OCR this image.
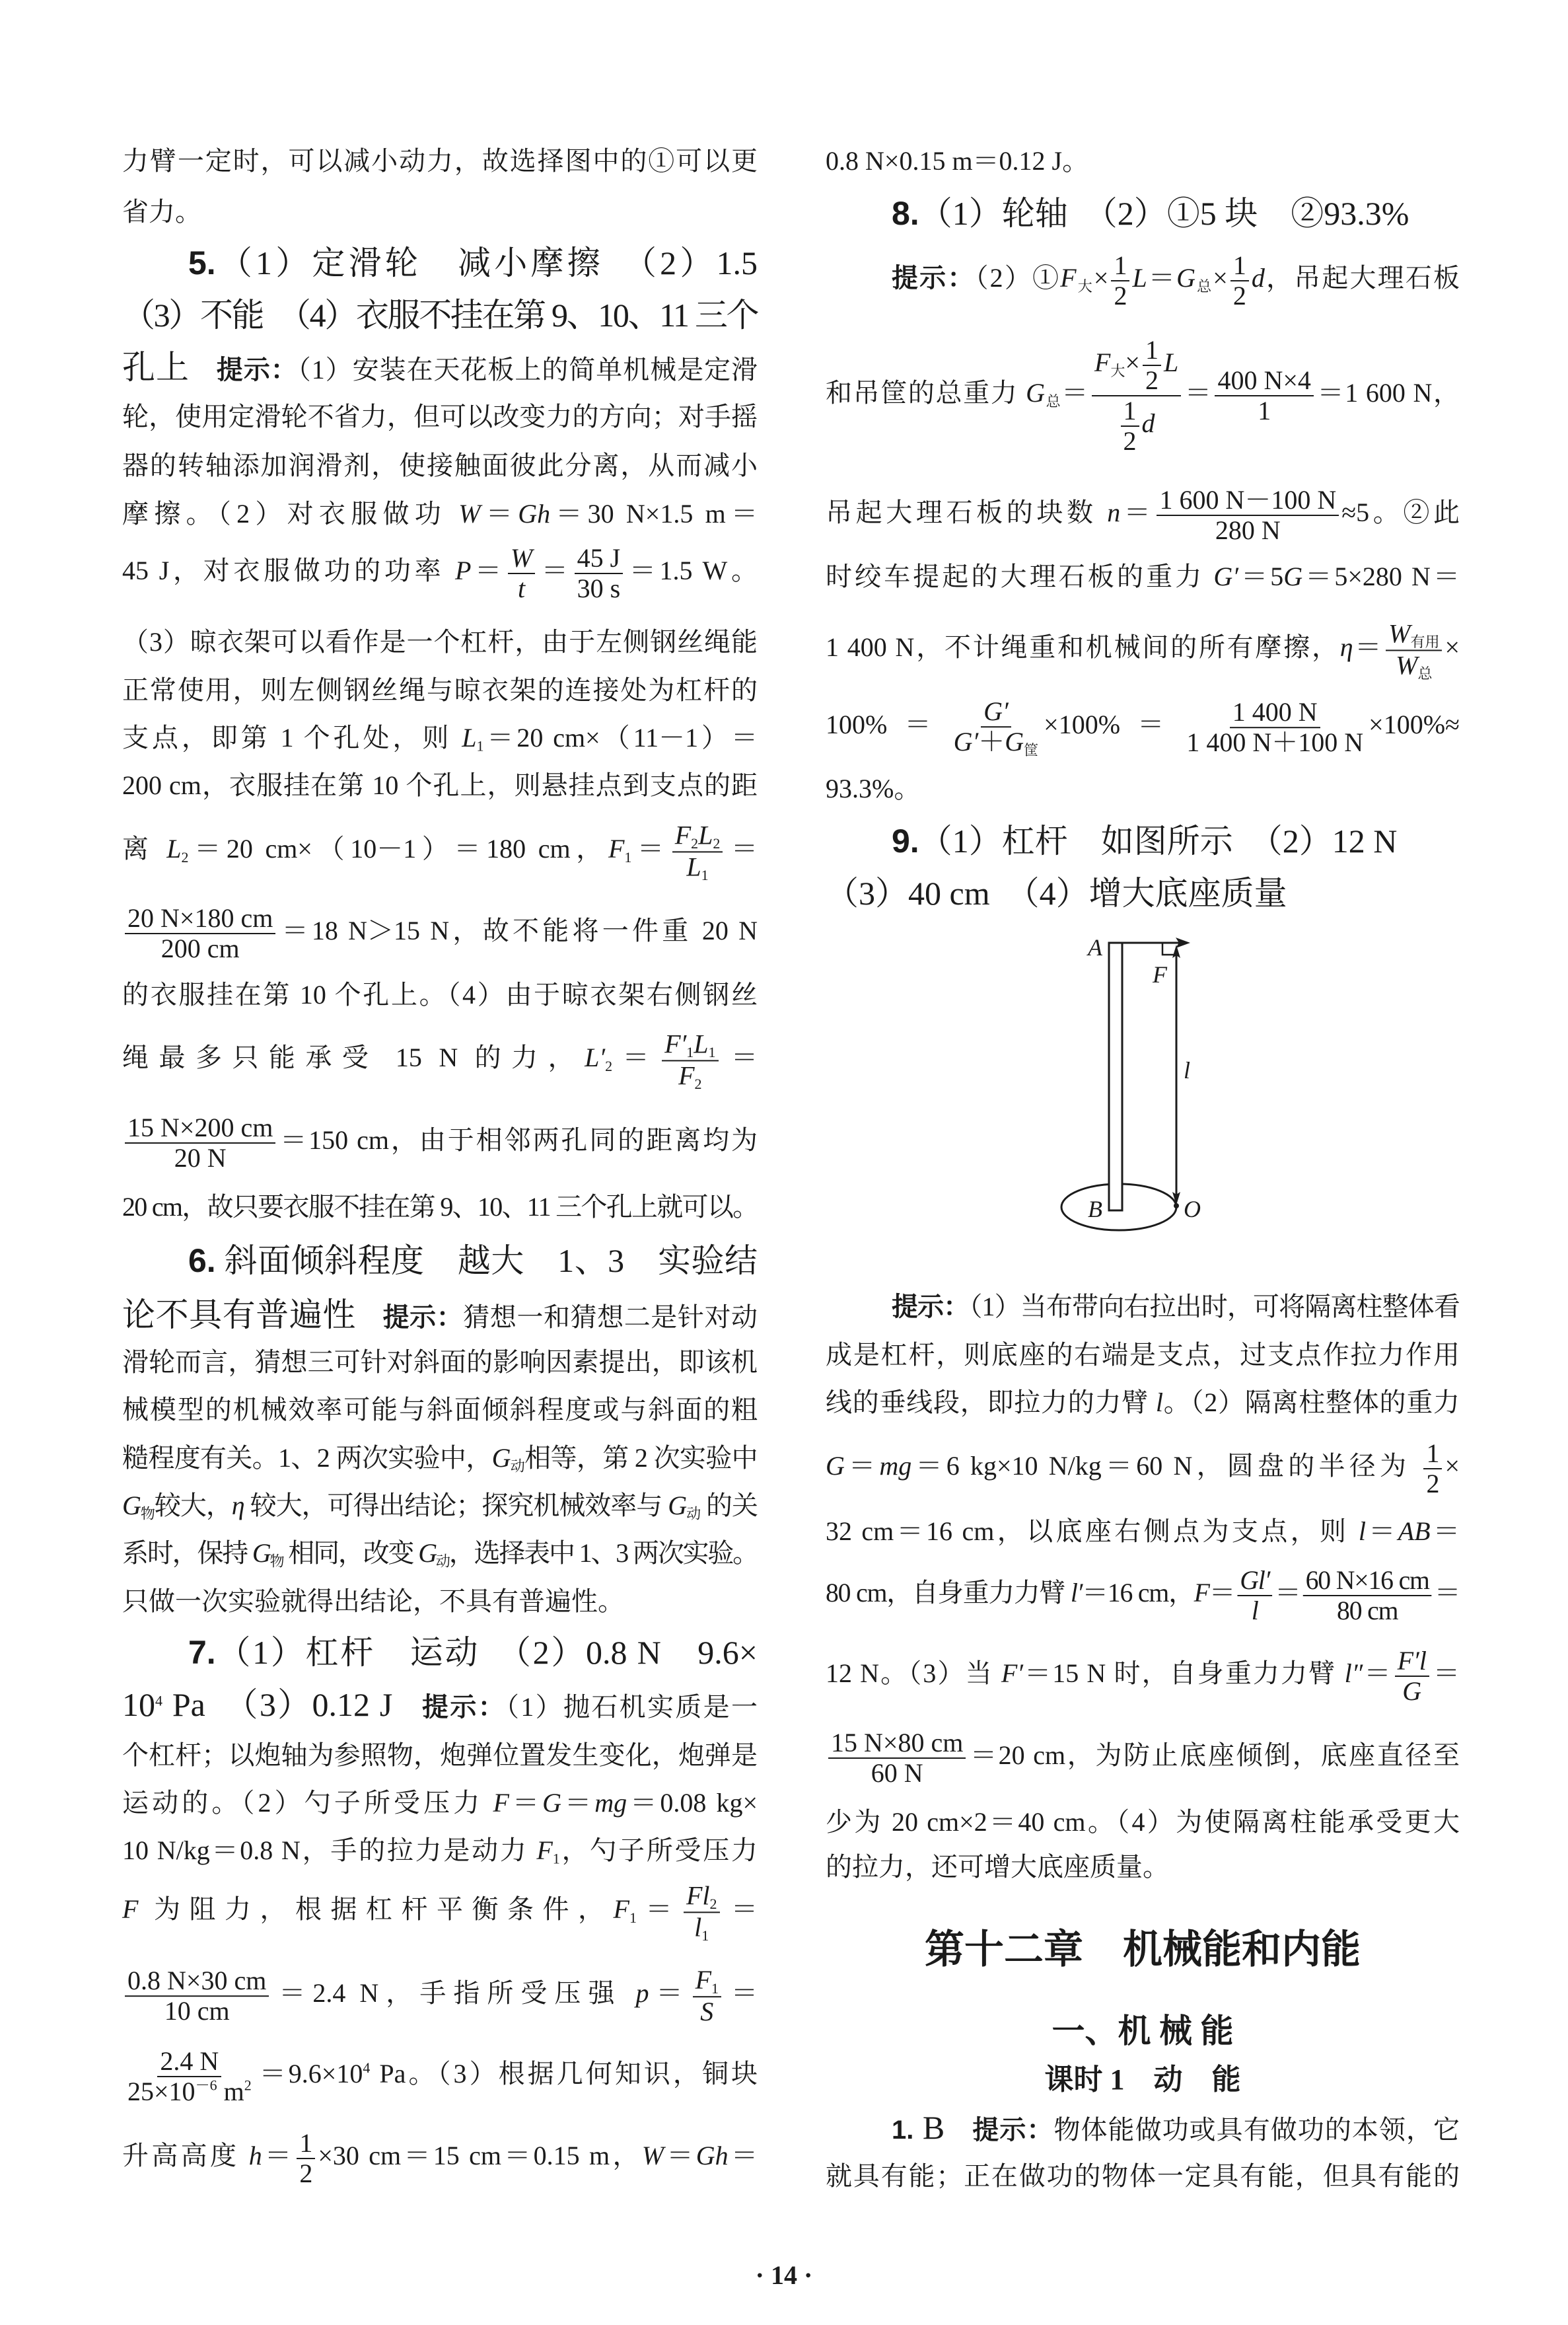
力臂一定时，可以减小动力，故选择图中的①可以更
省力。
5.（1）定滑轮　减小摩擦　（2）1.5
（3）不能　（4）衣服不挂在第 9、10、11 三个
孔上　 提示：（1）安装在天花板上的简单机械是定滑
轮，使用定滑轮不省力，但可以改变力的方向；对手摇
器的转轴添加润滑剂，使接触面彼此分离，从而减小
摩擦。（2）对衣服做功 W＝Gh＝30 N×1.5 m＝
45 J，对衣服做功的功率 $P= \frac{W}{t} = \frac{45 J}{30 s} =1.5$ W。
（3）晾衣架可以看作是一个杠杆，由于左侧钢丝绳能
正常使用，则左侧钢丝绳与晾衣架的连接处为杠杆的
支点，即第 1 个孔处，则 $L_1=20$ cm×（11－1）＝
200 cm，衣服挂在第 10 个孔上，则悬挂点到支点的距
离 $L_2=20$ cm×（10－1）＝180 cm，$F_1= \frac{F_2L_2}{L_1}$ ＝
$\frac{20 N\times 180 cm}{200 cm} =18$ N＞15 N，故不能将一件重 20 N
的衣服挂在第 10 个孔上。（4）由于晾衣架右侧钢丝
绳最多只能承受 15 N 的力，$L'_2= \frac{F'_1L_1}{F_2}$ ＝
$\frac{15 N\times 200 cm}{20 N} =150$ cm，由于相邻两孔同的距离均为
20 cm，故只要衣服不挂在第 9、10、11 三个孔上就可以。
6. 斜面倾斜程度　越大　1、3　实验结
论不具有普遍性　 提示：猜想一和猜想二是针对动
滑轮而言，猜想三可针对斜面的影响因素提出，即该机
械模型的机械效率可能与斜面倾斜程度或与斜面的粗
糙程度有关。1、2 两次实验中，$G_动$相等，第 2 次实验中
$G_物$较大，η 较大，可得出结论；探究机械效率与 $G_动$ 的关
系时，保持 $G_物$ 相同，改变 $G_动$，选择表中 1、3 两次实验。
只做一次实验就得出结论，不具有普遍性。
7.（1）杠杆　运动　（2）0.8 N　9.6×
$10^4$ Pa　（3）0.12 J　 提示：（1）抛石机实质是一
个杠杆；以炮轴为参照物，炮弹位置发生变化，炮弹是
运动的。（2）勺子所受压力 F＝G＝mg＝0.08 kg×
10 N/kg＝0.8 N，手的拉力是动力 $F_1$，勺子所受压力
F 为阻力，根据杠杆平衡条件，$F_1= \frac{Fl_2}{l_1}$ ＝
$\frac{0.8 N\times 30 cm}{10 cm} =2.4$ N，手指所受压强 $p= \frac{F_1}{S}$ ＝
$\frac{2.4 N}{25\times 10^{-6} m^2} =9.6\times 10^4$ Pa。（3）根据几何知识，铜块
升高高度 $h= \frac{1}{2} \times 30$ cm＝15 cm＝0.15 m，W＝Gh＝
0.8 N×0.15 m＝0.12 J。
8.（1）轮轴　（2）①5 块　②93.3%
提示：$(2)①F_大\times \frac{1}{2} L=G_总\times \frac{1}{2}$ d，吊起大理石板
和吊筐的总重力 $G_总= \frac{F_大\times \frac{1}{2} L}{\frac{1}{2} d} = \frac{400 N\times 4}{1} =1$ 600 N，
吊起大理石板的块数 $n= \frac{1 600 N-100 N}{280 N} \approx 5$。②此
时绞车提起的大理石板的重力 G′＝5G＝5×280 N＝
1 400 N，不计绳重和机械间的所有摩擦，$\eta= \frac{W_{有用}}{W_总}$ ×
$100\%= \frac{G'}{G'+G_筐} \times 100\%= \frac{1 400 N}{1 400 N+100 N} \times 100\%\approx$
93.3%。
9.（1）杠杆　如图所示　（2）12 N
（3）40 cm　（4）增大底座质量
提示：（1）当布带向右拉出时，可将隔离柱整体看
成是杠杆，则底座的右端是支点，过支点作拉力作用
线的垂线段，即拉力的力臂 l。（2）隔离柱整体的重力
G＝mg＝6 kg×10 N/kg＝60 N，圆盘的半径为 $\frac{1}{2}$ ×
32 cm＝16 cm，以底座右侧点为支点，则 l＝AB＝
80 cm，自身重力力臂 l′＝16 cm，$F= \frac{Gl'}{l} = \frac{60 N\times 16 cm}{80 cm}$ ＝
12 N。（3）当 F′＝15 N 时，自身重力力臂 $l''= \frac{F'l}{G}$ ＝
$\frac{15 N\times 80 cm}{60 N} =20$ cm，为防止底座倾倒，底座直径至
少为 20 cm×2＝40 cm。（4）为使隔离柱能承受更大
的拉力，还可增大底座质量。
1. B　 提示：物体能做功或具有做功的本领，它
就具有能；正在做功的物体一定具有能，但具有能的
第十二章　机械能和内能
一、机 械 能
课时 1　动　能
A
F
l
B	O
· 14 ·
